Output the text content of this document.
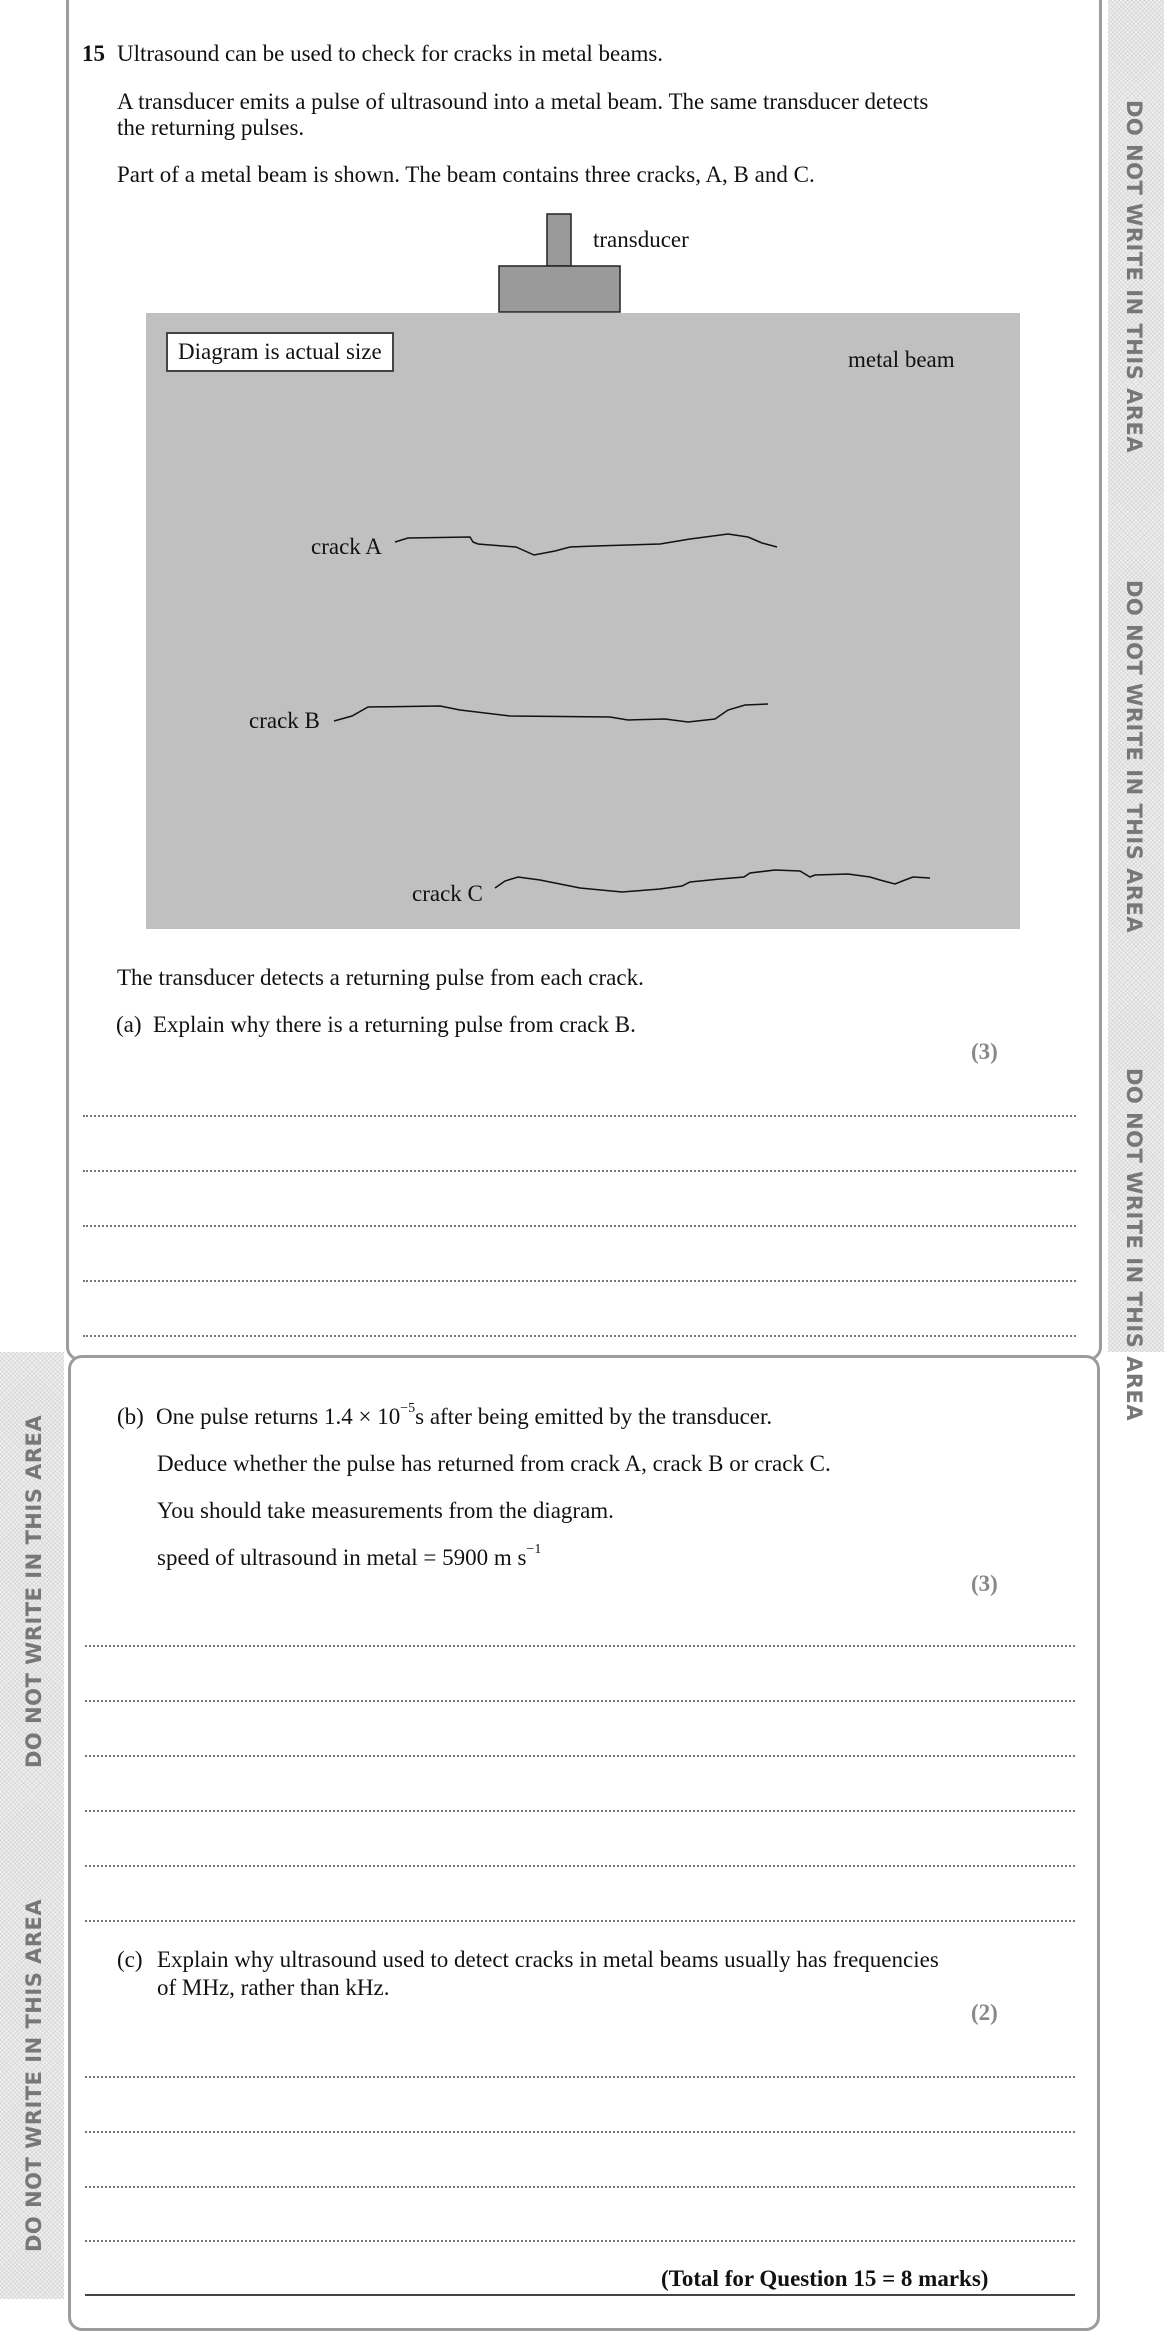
DO NOT WRITE IN THIS AREA
DO NOT WRITE IN THIS AREA
DO NOT WRITE IN THIS AREA
DO NOT WRITE IN THIS AREA
DO NOT WRITE IN THIS AREA
15 Ultrasound can be used to check for cracks in metal beams.
A transducer emits a pulse of ultrasound into a metal beam. The same transducer detects
the returning pulses.
Part of a metal beam is shown. The beam contains three cracks, A, B and C.
transducer
Diagram is actual size	metal beam
crack A
crack B
crack C
The transducer detects a returning pulse from each crack.
(a) Explain why there is a returning pulse from crack B.
(3)
(b) One pulse returns $1.4 \times 10^{-5}s$ after being emitted by the transducer.
Deduce whether the pulse has returned from crack A, crack B or crack C.
You should take measurements from the diagram.
speed of ultrasound in metal = 5900 m $s^{-1}$
(3)
(c) Explain why ultrasound used to detect cracks in metal beams usually has frequencies
of MHz, rather than kHz.
(2)
(Total for Question 15 = 8 marks)
